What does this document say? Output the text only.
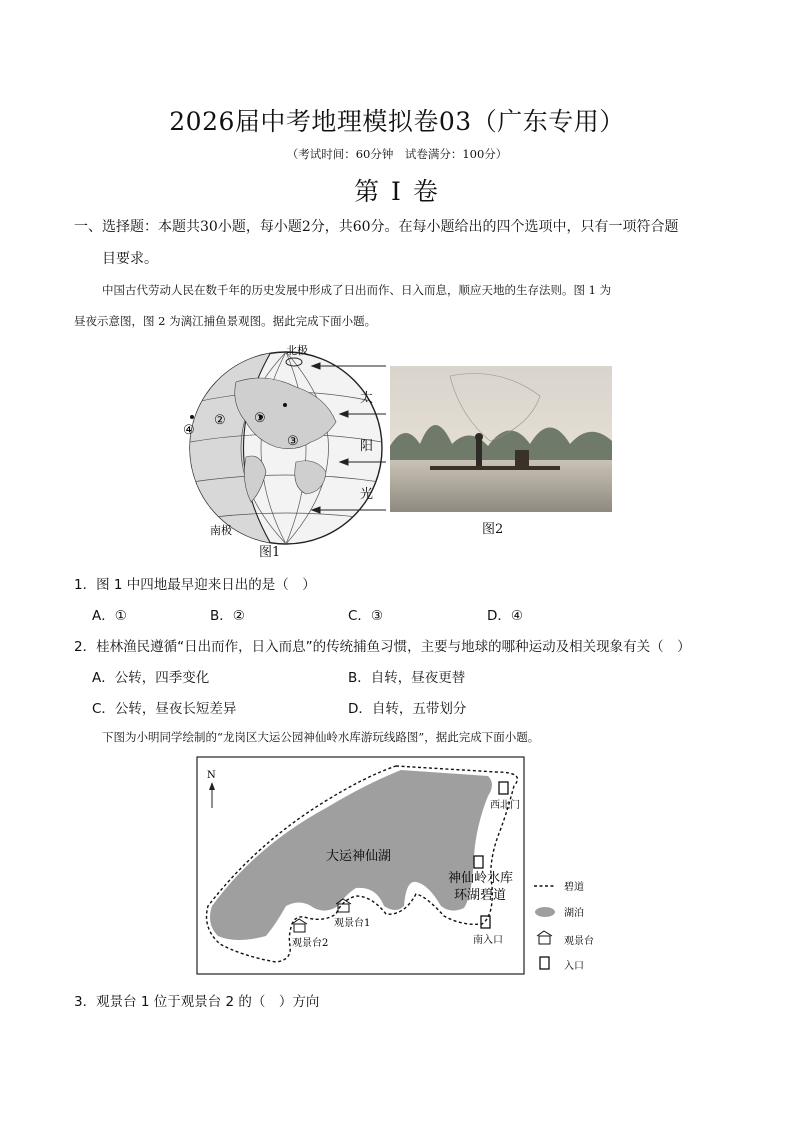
2026届中考地理模拟卷03（广东专用）
（考试时间：60分钟　试卷满分：100分）
第 I 卷
一、选择题：本题共30小题，每小题2分，共60分。在每小题给出的四个选项中，只有一项符合题
目要求。
中国古代劳动人民在数千年的历史发展中形成了日出而作、日入而息，顺应天地的生存法则。图 1 为
昼夜示意图，图 2 为漓江捕鱼景观图。据此完成下面小题。
北极
南极
④
② ①
③
太
阳
光
图1
图2
1．图 1 中四地最早迎来日出的是（　）
A．①	B．②	C．③	D．④
2．桂林渔民遵循“日出而作，日入而息”的传统捕鱼习惯，主要与地球的哪种运动及相关现象有关（　）
A．公转，四季变化	B．自转，昼夜更替
C．公转，昼夜长短差异	D．自转，五带划分
下图为小明同学绘制的“龙岗区大运公园神仙岭水库游玩线路图”，据此完成下面小题。
N
大运神仙湖
神仙岭水库
环湖碧道
西北门
南入口
观景台1
观景台2
碧道
湖泊
观景台
入口
3．观景台 1 位于观景台 2 的（　）方向
